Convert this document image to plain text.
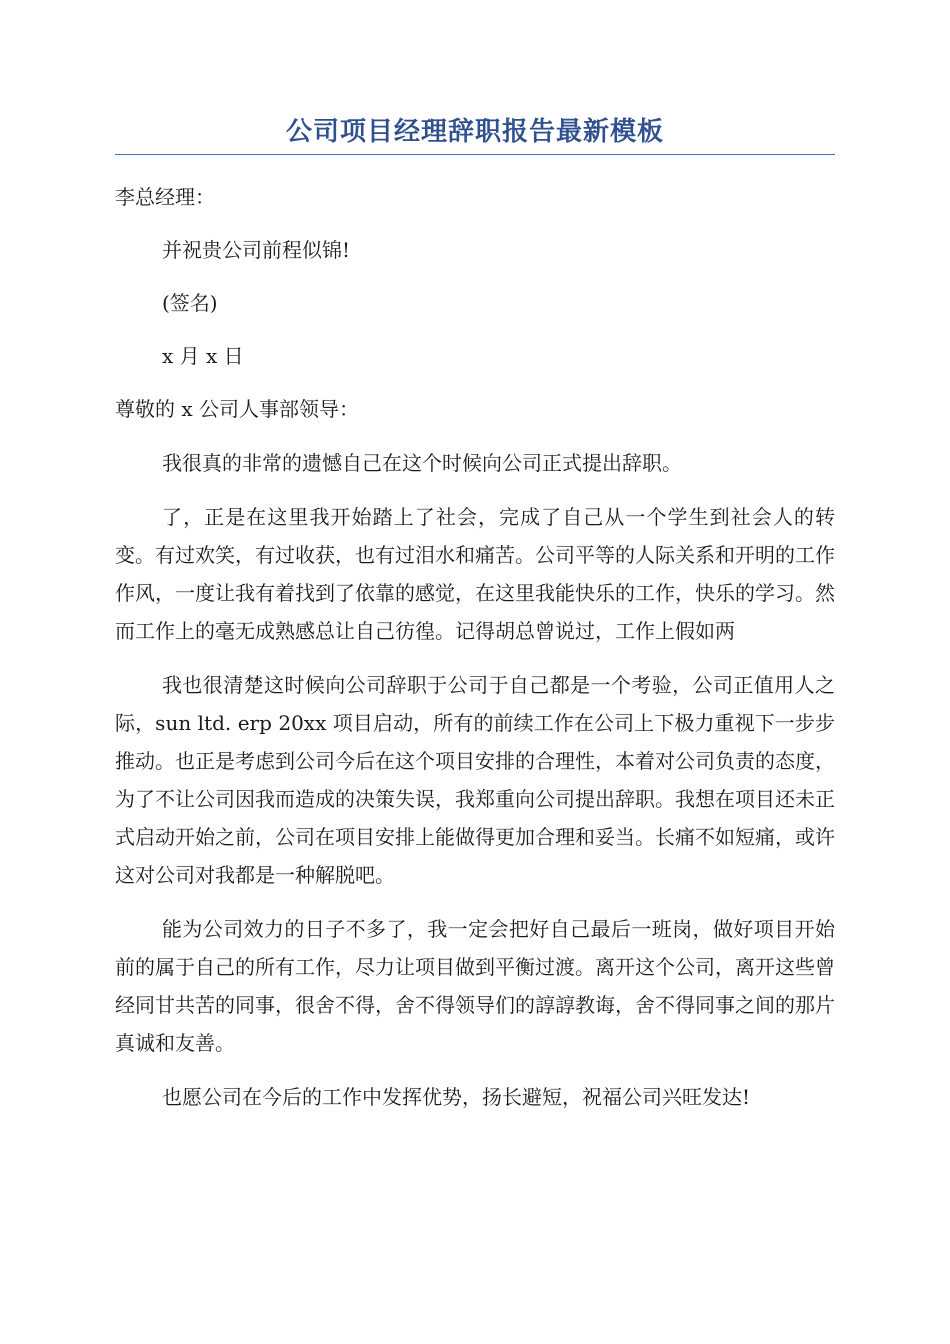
公司项目经理辞职报告最新模板

李总经理：

并祝贵公司前程似锦!

(签名)

x 月 x 日

尊敬的 x 公司人事部领导：

我很真的非常的遗憾自己在这个时候向公司正式提出辞职。

了，正是在这里我开始踏上了社会，完成了自己从一个学生到社会人的转变。有过欢笑，有过收获，也有过泪水和痛苦。公司平等的人际关系和开明的工作作风，一度让我有着找到了依靠的感觉，在这里我能快乐的工作，快乐的学习。然而工作上的毫无成熟感总让自己彷徨。记得胡总曾说过，工作上假如两

我也很清楚这时候向公司辞职于公司于自己都是一个考验，公司正值用人之际，sun ltd. erp 20xx 项目启动，所有的前续工作在公司上下极力重视下一步步推动。也正是考虑到公司今后在这个项目安排的合理性，本着对公司负责的态度，为了不让公司因我而造成的决策失误，我郑重向公司提出辞职。我想在项目还未正式启动开始之前，公司在项目安排上能做得更加合理和妥当。长痛不如短痛，或许这对公司对我都是一种解脱吧。

能为公司效力的日子不多了，我一定会把好自己最后一班岗，做好项目开始前的属于自己的所有工作，尽力让项目做到平衡过渡。离开这个公司，离开这些曾经同甘共苦的同事，很舍不得，舍不得领导们的諄諄教诲，舍不得同事之间的那片真诚和友善。

也愿公司在今后的工作中发挥优势，扬长避短，祝福公司兴旺发达!
